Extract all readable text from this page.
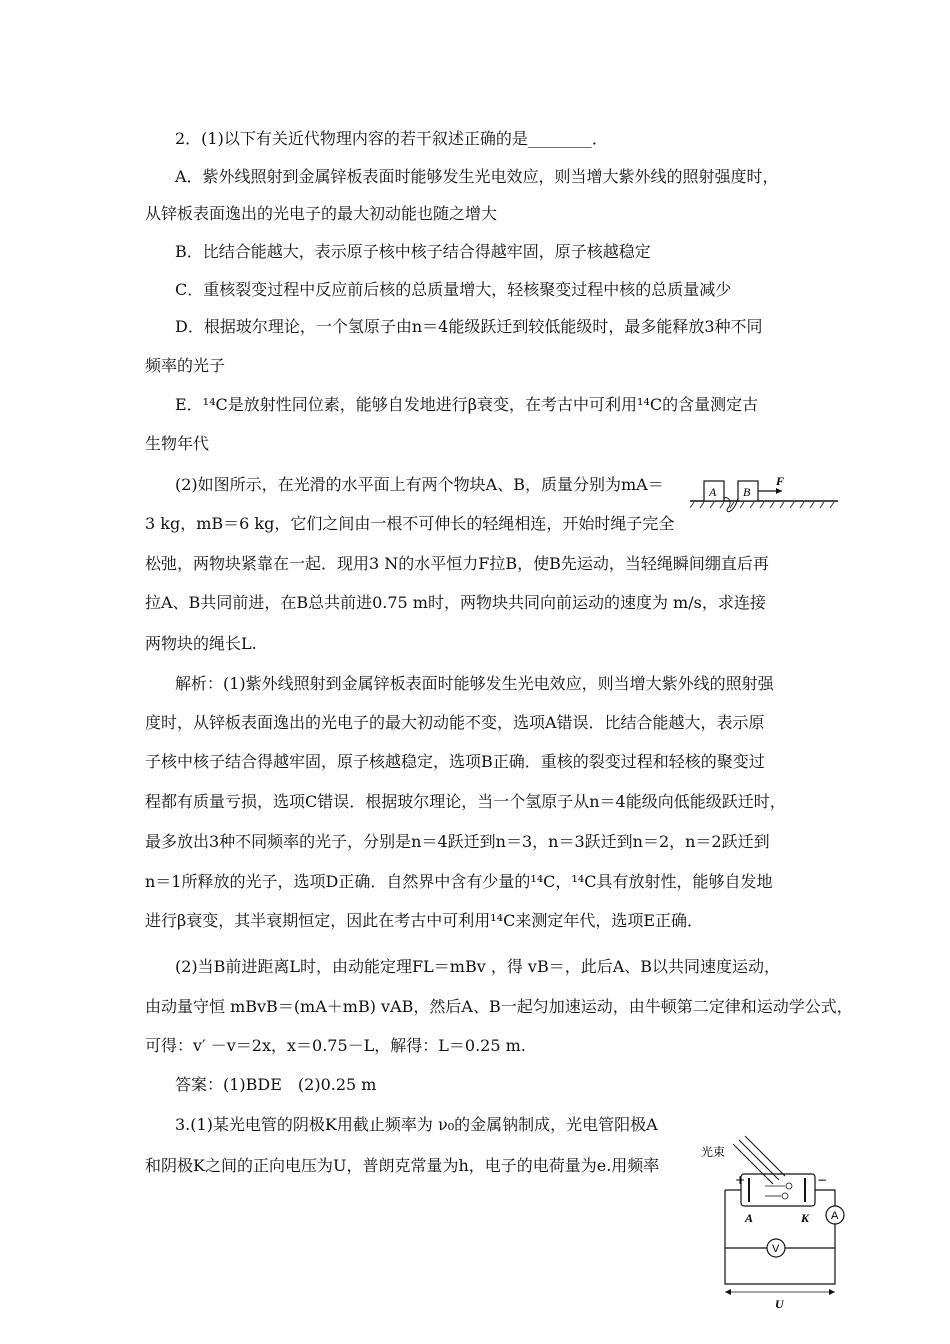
2．(1)以下有关近代物理内容的若干叙述正确的是________．
A．紫外线照射到金属锌板表面时能够发生光电效应，则当增大紫外线的照射强度时，
从锌板表面逸出的光电子的最大初动能也随之增大
B．比结合能越大，表示原子核中核子结合得越牢固，原子核越稳定
C．重核裂变过程中反应前后核的总质量增大，轻核聚变过程中核的总质量减少
D．根据玻尔理论，一个氢原子由n＝4能级跃迁到较低能级时，最多能释放3种不同
频率的光子
E．¹⁴C是放射性同位素，能够自发地进行β衰变，在考古中可利用¹⁴C的含量测定古
生物年代
(2)如图所示，在光滑的水平面上有两个物块A、B，质量分别为mA＝
3 kg，mB＝6 kg，它们之间由一根不可伸长的轻绳相连，开始时绳子完全
松弛，两物块紧靠在一起．现用3 N的水平恒力F拉B，使B先运动，当轻绳瞬间绷直后再
拉A、B共同前进，在B总共前进0.75 m时，两物块共同向前运动的速度为 m/s，求连接
两物块的绳长L.
A B
F
解析：(1)紫外线照射到金属锌板表面时能够发生光电效应，则当增大紫外线的照射强
度时，从锌板表面逸出的光电子的最大初动能不变，选项A错误．比结合能越大，表示原
子核中核子结合得越牢固，原子核越稳定，选项B正确．重核的裂变过程和轻核的聚变过
程都有质量亏损，选项C错误．根据玻尔理论，当一个氢原子从n＝4能级向低能级跃迁时，
最多放出3种不同频率的光子，分别是n＝4跃迁到n＝3，n＝3跃迁到n＝2，n＝2跃迁到
n＝1所释放的光子，选项D正确．自然界中含有少量的¹⁴C，¹⁴C具有放射性，能够自发地
进行β衰变，其半衰期恒定，因此在考古中可利用¹⁴C来测定年代，选项E正确．
(2)当B前进距离L时，由动能定理FL＝mBv ，得 vB＝，此后A、B以共同速度运动，
由动量守恒 mBvB＝(mA＋mB) vAB，然后A、B一起匀加速运动，由牛顿第二定律和运动学公式，
可得：v′ －v＝2x，x＝0.75－L，解得：L＝0.25 m.
答案：(1)BDE　(2)0.25 m
3.(1)某光电管的阴极K用截止频率为 ν₀的金属钠制成，光电管阳极A
和阴极K之间的正向电压为U，普朗克常量为h，电子的电荷量为e.用频率
光束
+	−
A	K A
V
U
